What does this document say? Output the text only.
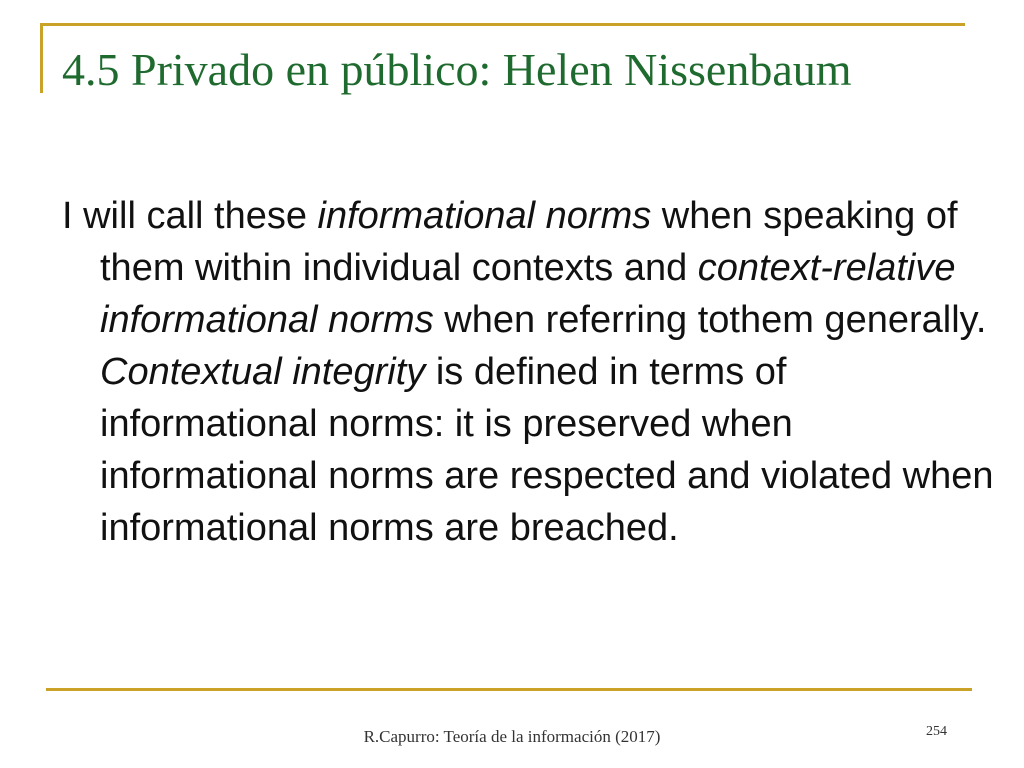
4.5 Privado en público: Helen Nissenbaum

I will call these informational norms when speaking of them within individual contexts and context-relative informational norms when referring tothem generally. Contextual integrity is defined in terms of informational norms: it is preserved when informational norms are respected and violated when informational norms are breached.

R.Capurro: Teoría de la información (2017)	254
